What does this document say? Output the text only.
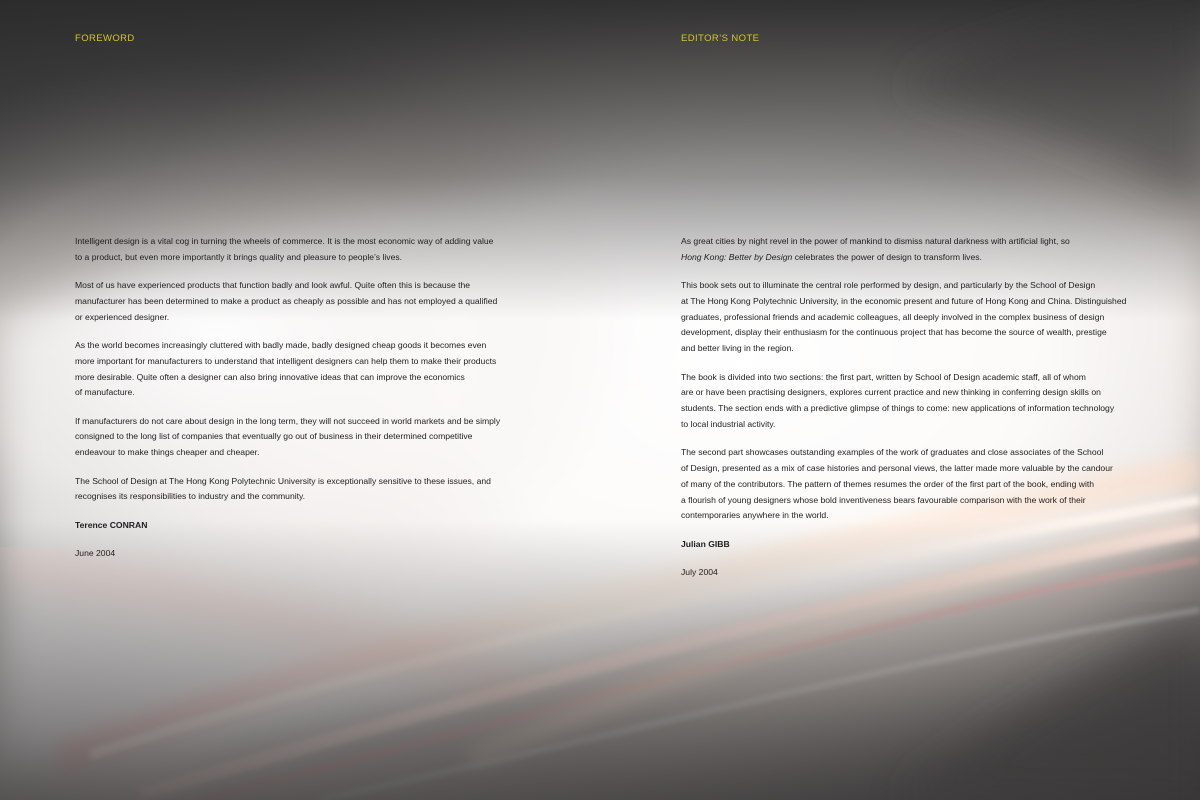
FOREWORD

Intelligent design is a vital cog in turning the wheels of commerce. It is the most economic way of adding value
to a product, but even more importantly it brings quality and pleasure to people’s lives.

Most of us have experienced products that function badly and look awful. Quite often this is because the
manufacturer has been determined to make a product as cheaply as possible and has not employed a qualified
or experienced designer.

As the world becomes increasingly cluttered with badly made, badly designed cheap goods it becomes even
more important for manufacturers to understand that intelligent designers can help them to make their products
more desirable. Quite often a designer can also bring innovative ideas that can improve the economics
of manufacture.

If manufacturers do not care about design in the long term, they will not succeed in world markets and be simply
consigned to the long list of companies that eventually go out of business in their determined competitive
endeavour to make things cheaper and cheaper.

The School of Design at The Hong Kong Polytechnic University is exceptionally sensitive to these issues, and
recognises its responsibilities to industry and the community.

Terence CONRAN

June 2004

EDITOR’S NOTE

As great cities by night revel in the power of mankind to dismiss natural darkness with artificial light, so
Hong Kong: Better by Design celebrates the power of design to transform lives.

This book sets out to illuminate the central role performed by design, and particularly by the School of Design
at The Hong Kong Polytechnic University, in the economic present and future of Hong Kong and China. Distinguished
graduates, professional friends and academic colleagues, all deeply involved in the complex business of design
development, display their enthusiasm for the continuous project that has become the source of wealth, prestige
and better living in the region.

The book is divided into two sections: the first part, written by School of Design academic staff, all of whom
are or have been practising designers, explores current practice and new thinking in conferring design skills on
students. The section ends with a predictive glimpse of things to come: new applications of information technology
to local industrial activity.

The second part showcases outstanding examples of the work of graduates and close associates of the School
of Design, presented as a mix of case histories and personal views, the latter made more valuable by the candour
of many of the contributors. The pattern of themes resumes the order of the first part of the book, ending with
a flourish of young designers whose bold inventiveness bears favourable comparison with the work of their
contemporaries anywhere in the world.

Julian GIBB

July 2004
